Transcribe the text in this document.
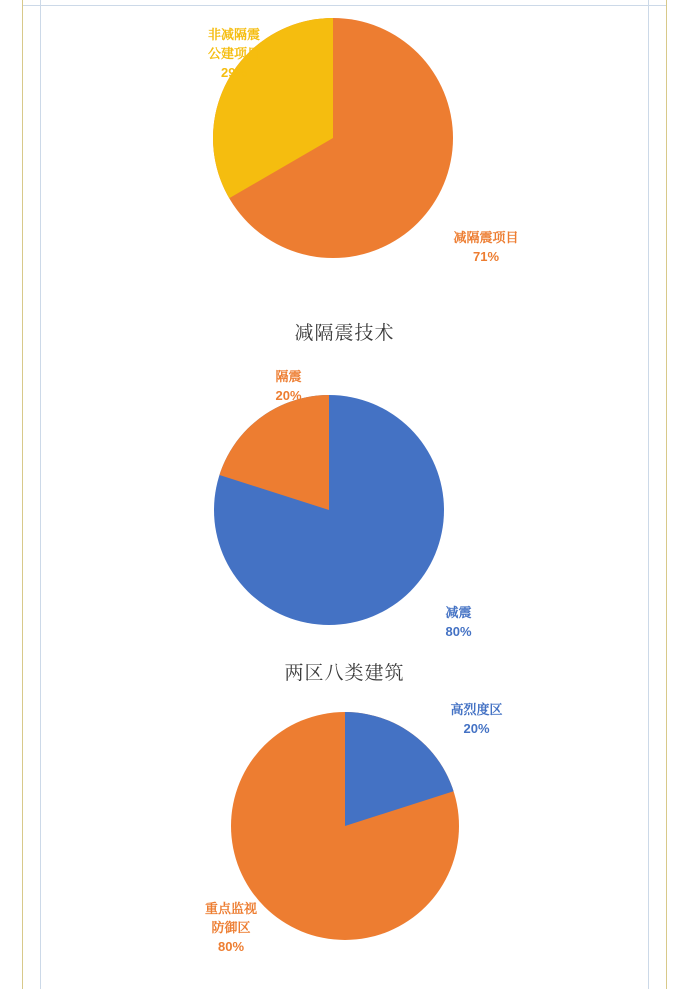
非减隔震
公建项目
29%
减隔震项目
71%
减隔震技术
隔震
20%
减震
80%
两区八类建筑
高烈度区
20%
重点监视
防御区
80%
